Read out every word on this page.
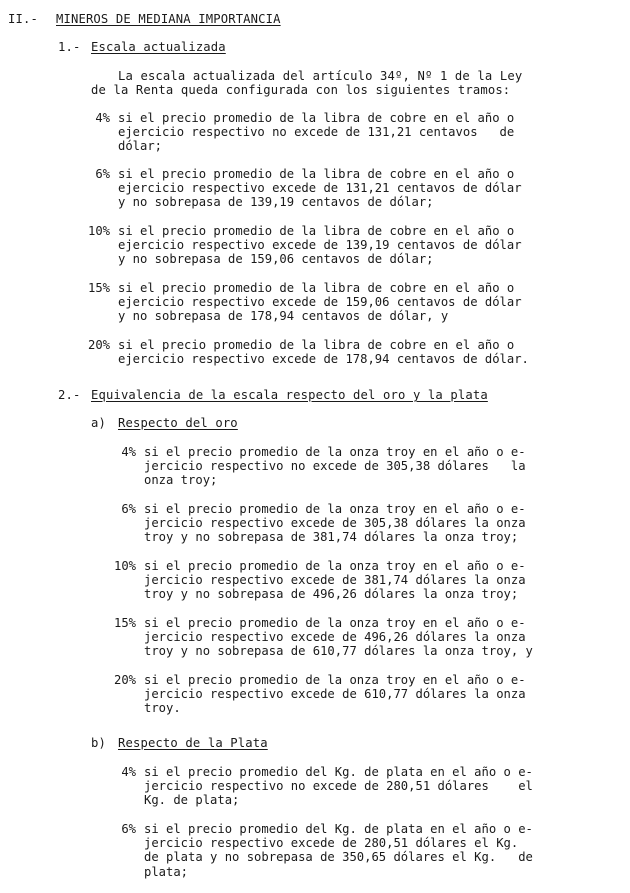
II.- MINEROS DE MEDIANA IMPORTANCIA
1.- Escala actualizada
La escala actualizada del artículo 34º, Nº 1 de la Ley
de la Renta queda configurada con los siguientes tramos:
4% si el precio promedio de la libra de cobre en el año o
ejercicio respectivo no excede de 131,21 centavos   de
dólar;
6% si el precio promedio de la libra de cobre en el año o
ejercicio respectivo excede de 131,21 centavos de dólar
y no sobrepasa de 139,19 centavos de dólar;
10% si el precio promedio de la libra de cobre en el año o
ejercicio respectivo excede de 139,19 centavos de dólar
y no sobrepasa de 159,06 centavos de dólar;
15% si el precio promedio de la libra de cobre en el año o
ejercicio respectivo excede de 159,06 centavos de dólar
y no sobrepasa de 178,94 centavos de dólar, y
20% si el precio promedio de la libra de cobre en el año o
ejercicio respectivo excede de 178,94 centavos de dólar.
2.- Equivalencia de la escala respecto del oro y la plata
a) Respecto del oro
4% si el precio promedio de la onza troy en el año o e-
jercicio respectivo no excede de 305,38 dólares   la
onza troy;
6% si el precio promedio de la onza troy en el año o e-
jercicio respectivo excede de 305,38 dólares la onza
troy y no sobrepasa de 381,74 dólares la onza troy;
10% si el precio promedio de la onza troy en el año o e-
jercicio respectivo excede de 381,74 dólares la onza
troy y no sobrepasa de 496,26 dólares la onza troy;
15% si el precio promedio de la onza troy en el año o e-
jercicio respectivo excede de 496,26 dólares la onza
troy y no sobrepasa de 610,77 dólares la onza troy, y
20% si el precio promedio de la onza troy en el año o e-
jercicio respectivo excede de 610,77 dólares la onza
troy.
b) Respecto de la Plata
4% si el precio promedio del Kg. de plata en el año o e-
jercicio respectivo no excede de 280,51 dólares    el
Kg. de plata;
6% si el precio promedio del Kg. de plata en el año o e-
jercicio respectivo excede de 280,51 dólares el Kg.
de plata y no sobrepasa de 350,65 dólares el Kg.   de
plata;
